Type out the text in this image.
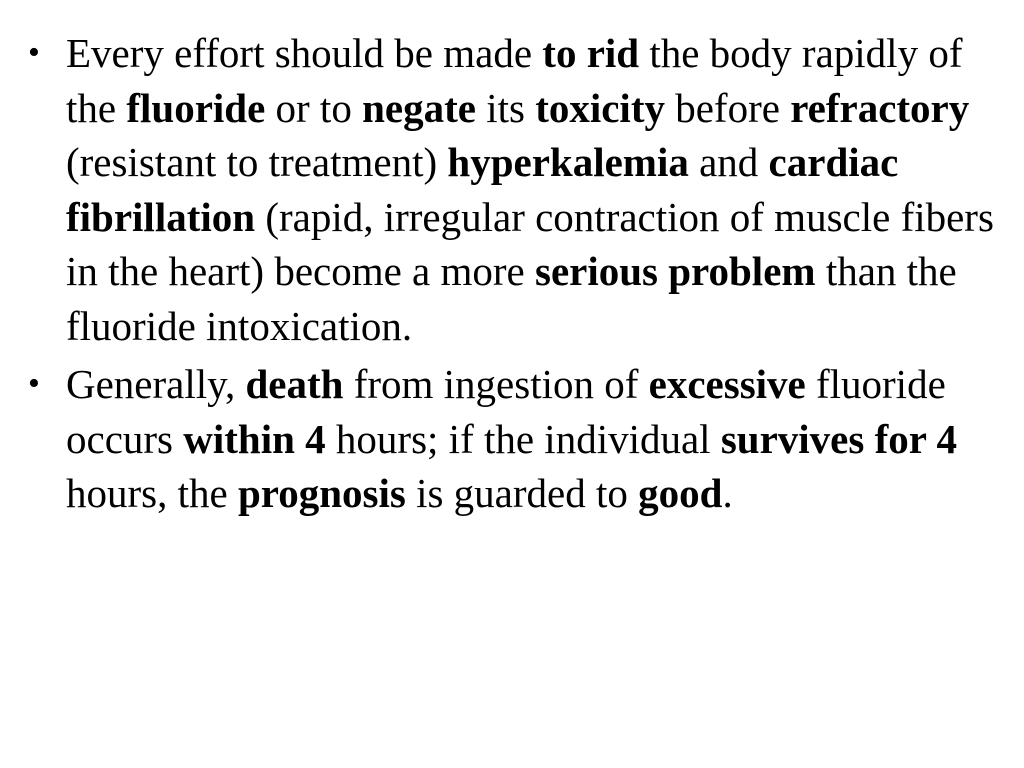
• Every effort should be made to rid the body rapidly of the fluoride or to negate its toxicity before refractory (resistant to treatment) hyperkalemia and cardiac fibrillation (rapid, irregular contraction of muscle fibers in the heart) become a more serious problem than the fluoride intoxication.
• Generally, death from ingestion of excessive fluoride occurs within 4 hours; if the individual survives for 4 hours, the prognosis is guarded to good.
